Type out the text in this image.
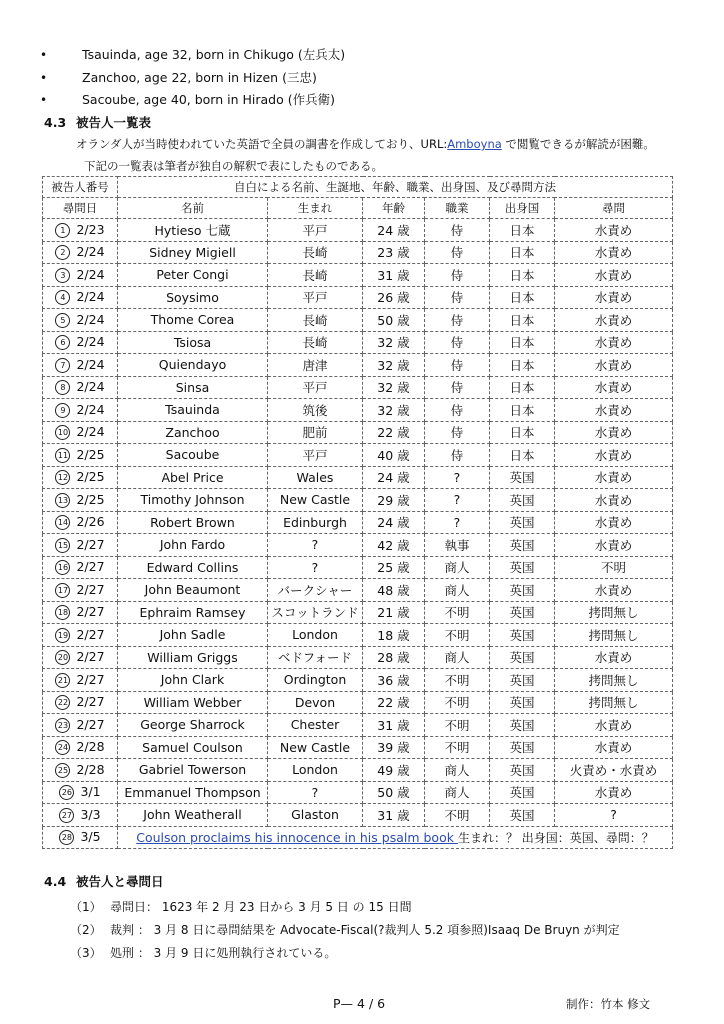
•	Tsauinda, age 32, born in Chikugo (左兵太)
•	Zanchoo, age 22, born in Hizen (三忠)
•	Sacoube, age 40, born in Hirado (作兵衛)
4.3 被告人一覧表
オランダ人が当時使われていた英語で全員の調書を作成しており、URL:Amboyna で閲覧できるが解読が困難。
下記の一覧表は筆者が独自の解釈で表にしたものである。
被告人番号	自白による名前、生誕地、年齢、職業、出身国、及び尋問方法					
尋問日	名前	生まれ	年齢	職業	出身国	尋問
1 2/23	Hytieso 七蔵	平戸	24 歳	侍	日本	水責め
2 2/24	Sidney Migiell	長崎	23 歳	侍	日本	水責め
3 2/24	Peter Congi	長崎	31 歳	侍	日本	水責め
4 2/24	Soysimo	平戸	26 歳	侍	日本	水責め
5 2/24	Thome Corea	長崎	50 歳	侍	日本	水責め
6 2/24	Tsiosa	長崎	32 歳	侍	日本	水責め
7 2/24	Quiendayo	唐津	32 歳	侍	日本	水責め
8 2/24	Sinsa	平戸	32 歳	侍	日本	水責め
9 2/24	Tsauinda	筑後	32 歳	侍	日本	水責め
10 2/24	Zanchoo	肥前	22 歳	侍	日本	水責め
11 2/25	Sacoube	平戸	40 歳	侍	日本	水責め
12 2/25	Abel Price	Wales	24 歳	?	英国	水責め
13 2/25	Timothy Johnson	New Castle	29 歳	?	英国	水責め
14 2/26	Robert Brown	Edinburgh	24 歳	?	英国	水責め
15 2/27	John Fardo	?	42 歳	執事	英国	水責め
16 2/27	Edward Collins	?	25 歳	商人	英国	不明
17 2/27	John Beaumont	バークシャー	48 歳	商人	英国	水責め
18 2/27	Ephraim Ramsey	スコットランド	21 歳	不明	英国	拷問無し
19 2/27	John Sadle	London	18 歳	不明	英国	拷問無し
20 2/27	William Griggs	ベドフォード	28 歳	商人	英国	水責め
21 2/27	John Clark	Ordington	36 歳	不明	英国	拷問無し
22 2/27	William Webber	Devon	22 歳	不明	英国	拷問無し
23 2/27	George Sharrock	Chester	31 歳	不明	英国	水責め
24 2/28	Samuel Coulson	New Castle	39 歳	不明	英国	水責め
25 2/28	Gabriel Towerson	London	49 歳	商人	英国	火責め・水責め
26 3/1	Emmanuel Thompson	?	50 歳	商人	英国	水責め
27 3/3	John Weatherall	Glaston	31 歳	不明	英国	?
28 3/5	Coulson proclaims his innocence in his psalm book 生まれ：？ 出身国：英国、尋問：？					
4.4 被告人と尋問日
（1） 尋問日： 1623 年 2 月 23 日から 3 月 5 日 の 15 日間
（2） 裁判 ： 3 月 8 日に尋問結果を Advocate-Fiscal(?裁判人 5.2 項参照)Isaaq De Bruyn が判定
（3） 処刑 ： 3 月 9 日に処刑執行されている。
P— 4 / 6	制作：竹本 修文
